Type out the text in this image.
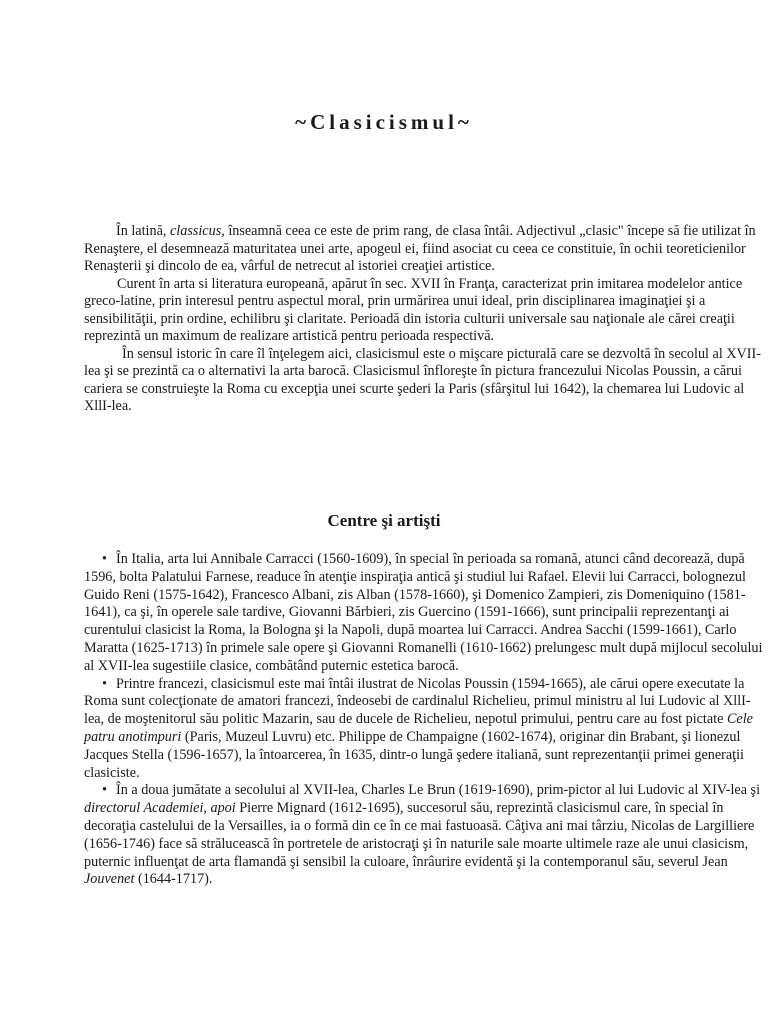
~Clasicismul~

În latină, classicus, înseamnă ceea ce este de prim rang, de clasa întâi. Adjectivul „clasic" începe să fie utilizat în Renaştere, el desemnează maturitatea unei arte, apogeul ei, fiind asociat cu ceea ce constituie, în ochii teoreticienilor Renaşterii şi dincolo de ea, vârful de netrecut al istoriei creaţiei artistice.

Curent în arta si literatura europeană, apărut în sec. XVII în Franţa, caracterizat prin imitarea modelelor antice greco-latine, prin interesul pentru aspectul moral, prin urmărirea unui ideal, prin disciplinarea imaginaţiei şi a sensibilităţii, prin ordine, echilibru şi claritate. Perioadă din istoria culturii universale sau naţionale ale cărei creaţii reprezintă un maximum de realizare artistică pentru perioada respectivă.

În sensul istoric în care îl înţelegem aici, clasicismul este o mişcare picturală care se dezvoltă în secolul al XVII-lea şi se prezintă ca o alternativi la arta barocă. Clasicismul înfloreşte în pictura francezului Nicolas Poussin, a cărui cariera se construieşte la Roma cu excepţia unei scurte şederi la Paris (sfârşitul lui 1642), la chemarea lui Ludovic al XllI-lea.

Centre şi artişti
• În Italia, arta lui Annibale Carracci (1560-1609), în special în perioada sa romană, atunci când decorează, după 1596, bolta Palatului Farnese, readuce în atenţie inspiraţia antică şi studiul lui Rafael. Elevii lui Carracci, bolognezul Guido Reni (1575-1642), Francesco Albani, zis Alban (1578-1660), şi Domenico Zampieri, zis Domeniquino (1581-1641), ca şi, în operele sale tardive, Giovanni Bărbieri, zis Guercino (1591-1666), sunt principalii reprezentanţi ai curentului clasicist la Roma, la Bologna şi la Napoli, după moartea lui Carracci. Andrea Sacchi (1599-1661), Carlo Maratta (1625-1713) în primele sale opere şi Giovanni Romanelli (1610-1662) prelungesc mult după mijlocul secolului al XVII-lea sugestiile clasice, combătând puternic estetica barocă.
• Printre francezi, clasicismul este mai întâi ilustrat de Nicolas Poussin (1594-1665), ale cărui opere executate la Roma sunt colecţionate de amatori francezi, îndeosebi de cardinalul Richelieu, primul ministru al lui Ludovic al XllI-lea, de moştenitorul său politic Mazarin, sau de ducele de Richelieu, nepotul primului, pentru care au fost pictate Cele patru anotimpuri (Paris, Muzeul Luvru) etc. Philippe de Champaigne (1602-1674), originar din Brabant, şi lionezul Jacques Stella (1596-1657), la întoarcerea, în 1635, dintr-o lungă şedere italiană, sunt reprezentanţii primei generaţii clasiciste.
• În a doua jumătate a secolului al XVII-lea, Charles Le Brun (1619-1690), prim-pictor al lui Ludovic al XIV-lea şi directorul Academiei, apoi Pierre Mignard (1612-1695), succesorul său, reprezintă clasicismul care, în special în decoraţia castelului de la Versailles, ia o formă din ce în ce mai fastuoasă. Câţiva ani mai târziu, Nicolas de Largilliere (1656-1746) face să strălucească în portretele de aristocraţi şi în naturile sale moarte ultimele raze ale unui clasicism, puternic influenţat de arta flamandă şi sensibil la culoare, înrâurire evidentă şi la contemporanul său, severul Jean Jouvenet (1644-1717).
